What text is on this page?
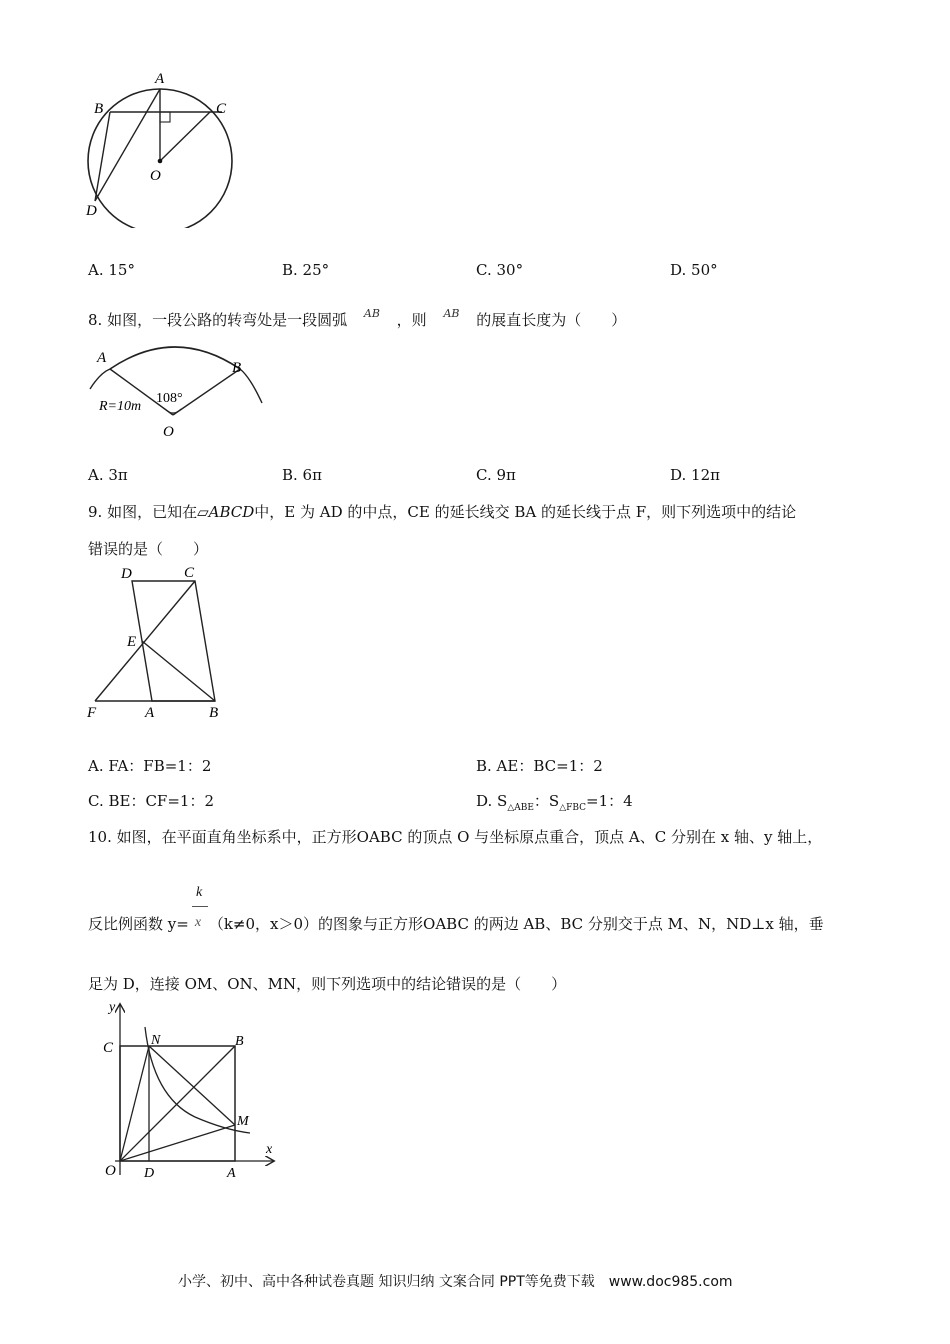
A
B	C
O
D
A. 15°	B. 25°	C. 30°	D. 50°
8. 如图，一段公路的转弯处是一段圆弧 AB ，则 AB 的展直长度为（　　）
A
B
108°
R=10m
O
A. 3π	B. 6π	C. 9π	D. 12π
9. 如图，已知在▱ABCD中，E 为 AD 的中点，CE 的延长线交 BA 的延长线于点 F，则下列选项中的结论
错误的是（　　）
D	C
E
F	A	B
A. FA：FB=1：2	B. AE：BC=1：2
C. BE：CF=1：2	D. $S_{\triangle ABE}$：$S_{\triangle FBC}=1$：4
10. 如图，在平面直角坐标系中，正方形OABC 的顶点 O 与坐标原点重合，顶点 A、C 分别在 x 轴、y 轴上，
k
反比例函数 y= x （k≠0，x＞0）的图象与正方形OABC 的两边 AB、BC 分别交于点 M、N，ND⊥x 轴，垂
足为 D，连接 OM、ON、MN，则下列选项中的结论错误的是（　　）
y
x
C	N	B
M
O D	A
小学、初中、高中各种试卷真题 知识归纳 文案合同 PPT等免费下载　www.doc985.com
